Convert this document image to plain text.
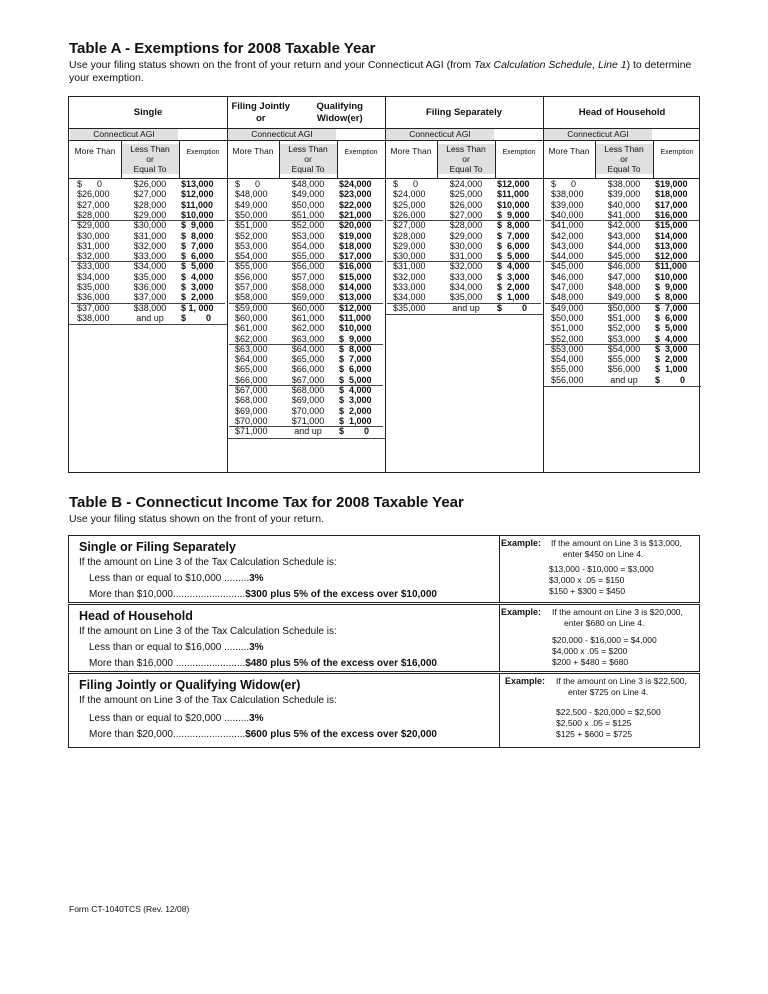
Table A - Exemptions for 2008 Taxable Year
Use your filing status shown on the front of your return and your Connecticut AGI (from Tax Calculation Schedule, Line 1) to determine your exemption.
Single
Connecticut AGI
More Than	Less Than
or
Equal To
Exemption
$      0	$26,000	$13,000
$26,000	$27,000	$12,000
$27,000	$28,000	$11,000
$28,000	$29,000	$10,000
$29,000	$30,000	$  9,000
$30,000	$31,000	$  8,000
$31,000	$32,000	$  7,000
$32,000	$33,000	$  6,000
$33,000	$34,000	$  5,000
$34,000	$35,000	$  4,000
$35,000	$36,000	$  3,000
$36,000	$37,000	$  2,000
$37,000	$38,000	$ 1, 000
$38,000	and up	$        0
Filing Jointly or
Qualifying Widow(er)
Connecticut AGI
More Than	Less Than
or
Equal To
Exemption
$      0	$48,000	$24,000
$48,000	$49,000	$23,000
$49,000	$50,000	$22,000
$50,000	$51,000	$21,000
$51,000	$52,000	$20,000
$52,000	$53,000	$19,000
$53,000	$54,000	$18,000
$54,000	$55,000	$17,000
$55,000	$56,000	$16,000
$56,000	$57,000	$15,000
$57,000	$58,000	$14,000
$58,000	$59,000	$13,000
$59,000	$60,000	$12,000
$60,000	$61,000	$11,000
$61,000	$62,000	$10,000
$62,000	$63,000	$  9,000
$63,000	$64,000	$  8,000
$64,000	$65,000	$  7,000
$65,000	$66,000	$  6,000
$66,000	$67,000	$  5,000
$67,000	$68,000	$  4,000
$68,000	$69,000	$  3,000
$69,000	$70,000	$  2,000
$70,000	$71,000	$  1,000
$71,000	and up	$        0
Filing Separately
Connecticut AGI
More Than	Less Than
or
Equal To
Exemption
$      0	$24,000	$12,000
$24,000	$25,000	$11,000
$25,000	$26,000	$10,000
$26,000	$27,000	$  9,000
$27,000	$28,000	$  8,000
$28,000	$29,000	$  7,000
$29,000	$30,000	$  6,000
$30,000	$31,000	$  5,000
$31,000	$32,000	$  4,000
$32,000	$33,000	$  3,000
$33,000	$34,000	$  2,000
$34,000	$35,000	$  1,000
$35,000	and up	$        0
Head of Household
Connecticut AGI
More Than	Less Than
or
Equal To
Exemption
$      0	$38,000	$19,000
$38,000	$39,000	$18,000
$39,000	$40,000	$17,000
$40,000	$41,000	$16,000
$41,000	$42,000	$15,000
$42,000	$43,000	$14,000
$43,000	$44,000	$13,000
$44,000	$45,000	$12,000
$45,000	$46,000	$11,000
$46,000	$47,000	$10,000
$47,000	$48,000	$  9,000
$48,000	$49,000	$  8,000
$49,000	$50,000	$  7,000
$50,000	$51,000	$  6,000
$51,000	$52,000	$  5,000
$52,000	$53,000	$  4,000
$53,000	$54,000	$  3,000
$54,000	$55,000	$  2,000
$55,000	$56,000	$  1,000
$56,000	and up	$        0
Table B - Connecticut Income Tax for 2008 Taxable Year
Use your filing status shown on the front of your return.
Single or Filing Separately
If the amount on Line 3 of the Tax Calculation Schedule is:
Less than or equal to $10,000 .........3%
More than $10,000..........................$300 plus 5% of the excess over $10,000
Example: If the amount on Line 3 is $13,000,
enter $450 on Line 4.
$13,000 - $10,000 = $3,000
$3,000 x .05 = $150
$150 + $300 = $450
Head of Household
If the amount on Line 3 of the Tax Calculation Schedule is:
Less than or equal to $16,000 .........3%
More than $16,000 .........................$480 plus 5% of the excess over $16,000
Example: If the amount on Line 3 is $20,000,
enter $680 on Line 4.
$20,000 - $16,000 = $4,000
$4,000 x .05 = $200
$200 + $480 = $680
Filing Jointly or Qualifying Widow(er)
If the amount on Line 3 of the Tax Calculation Schedule is:
Less than or equal to $20,000 .........3%
More than $20,000..........................$600 plus 5% of the excess over $20,000
Example: If the amount on Line 3 is $22,500,
enter $725 on Line 4.
$22,500 - $20,000 = $2,500
$2,500 x .05 = $125
$125 + $600 = $725
Form CT-1040TCS (Rev. 12/08)
